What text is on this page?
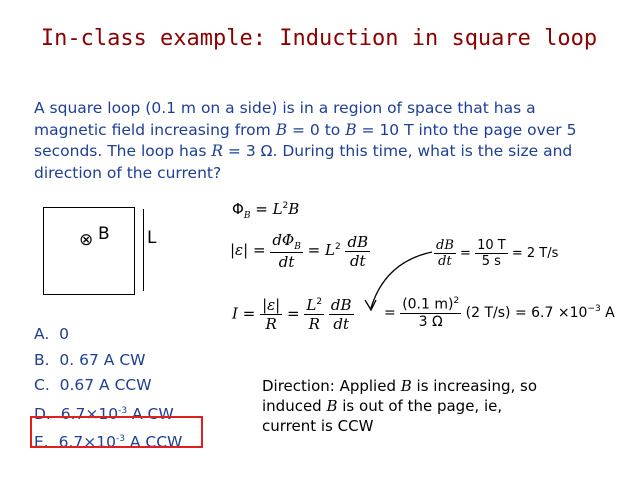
In-class example: Induction in square loop
A square loop (0.1 m on a side) is in a region of space that has a
magnetic field increasing from B = 0 to B = 10 T into the page over 5
seconds. The loop has R = 3 Ω. During this time, what is the size and
direction of the current?
⊗ B L
$\Phi_B = L^2B$
$|\varepsilon| = \frac{d\Phi_B}{dt} = L^2 \frac{dB}{dt}$	$\frac{dB}{dt} = \frac{10 T}{5 s} = 2$ T/s
$I = \frac{|\varepsilon|}{R} = \frac{L^2}{R}$
$\frac{dB}{dt} = \frac{(0.1 m)^2}{3 \Omega} (2$ $T/s) = 6.7 \times 10^{-3}$ A
A. 0
B. 0. 67 A CW
C. 0.67 A CCW
D. $6.7\times 10^{-3}$ A CW
E. $6.7\times 10^{-3}$ A CCW
Direction: Applied B is increasing, so
induced B is out of the page, ie,
current is CCW
